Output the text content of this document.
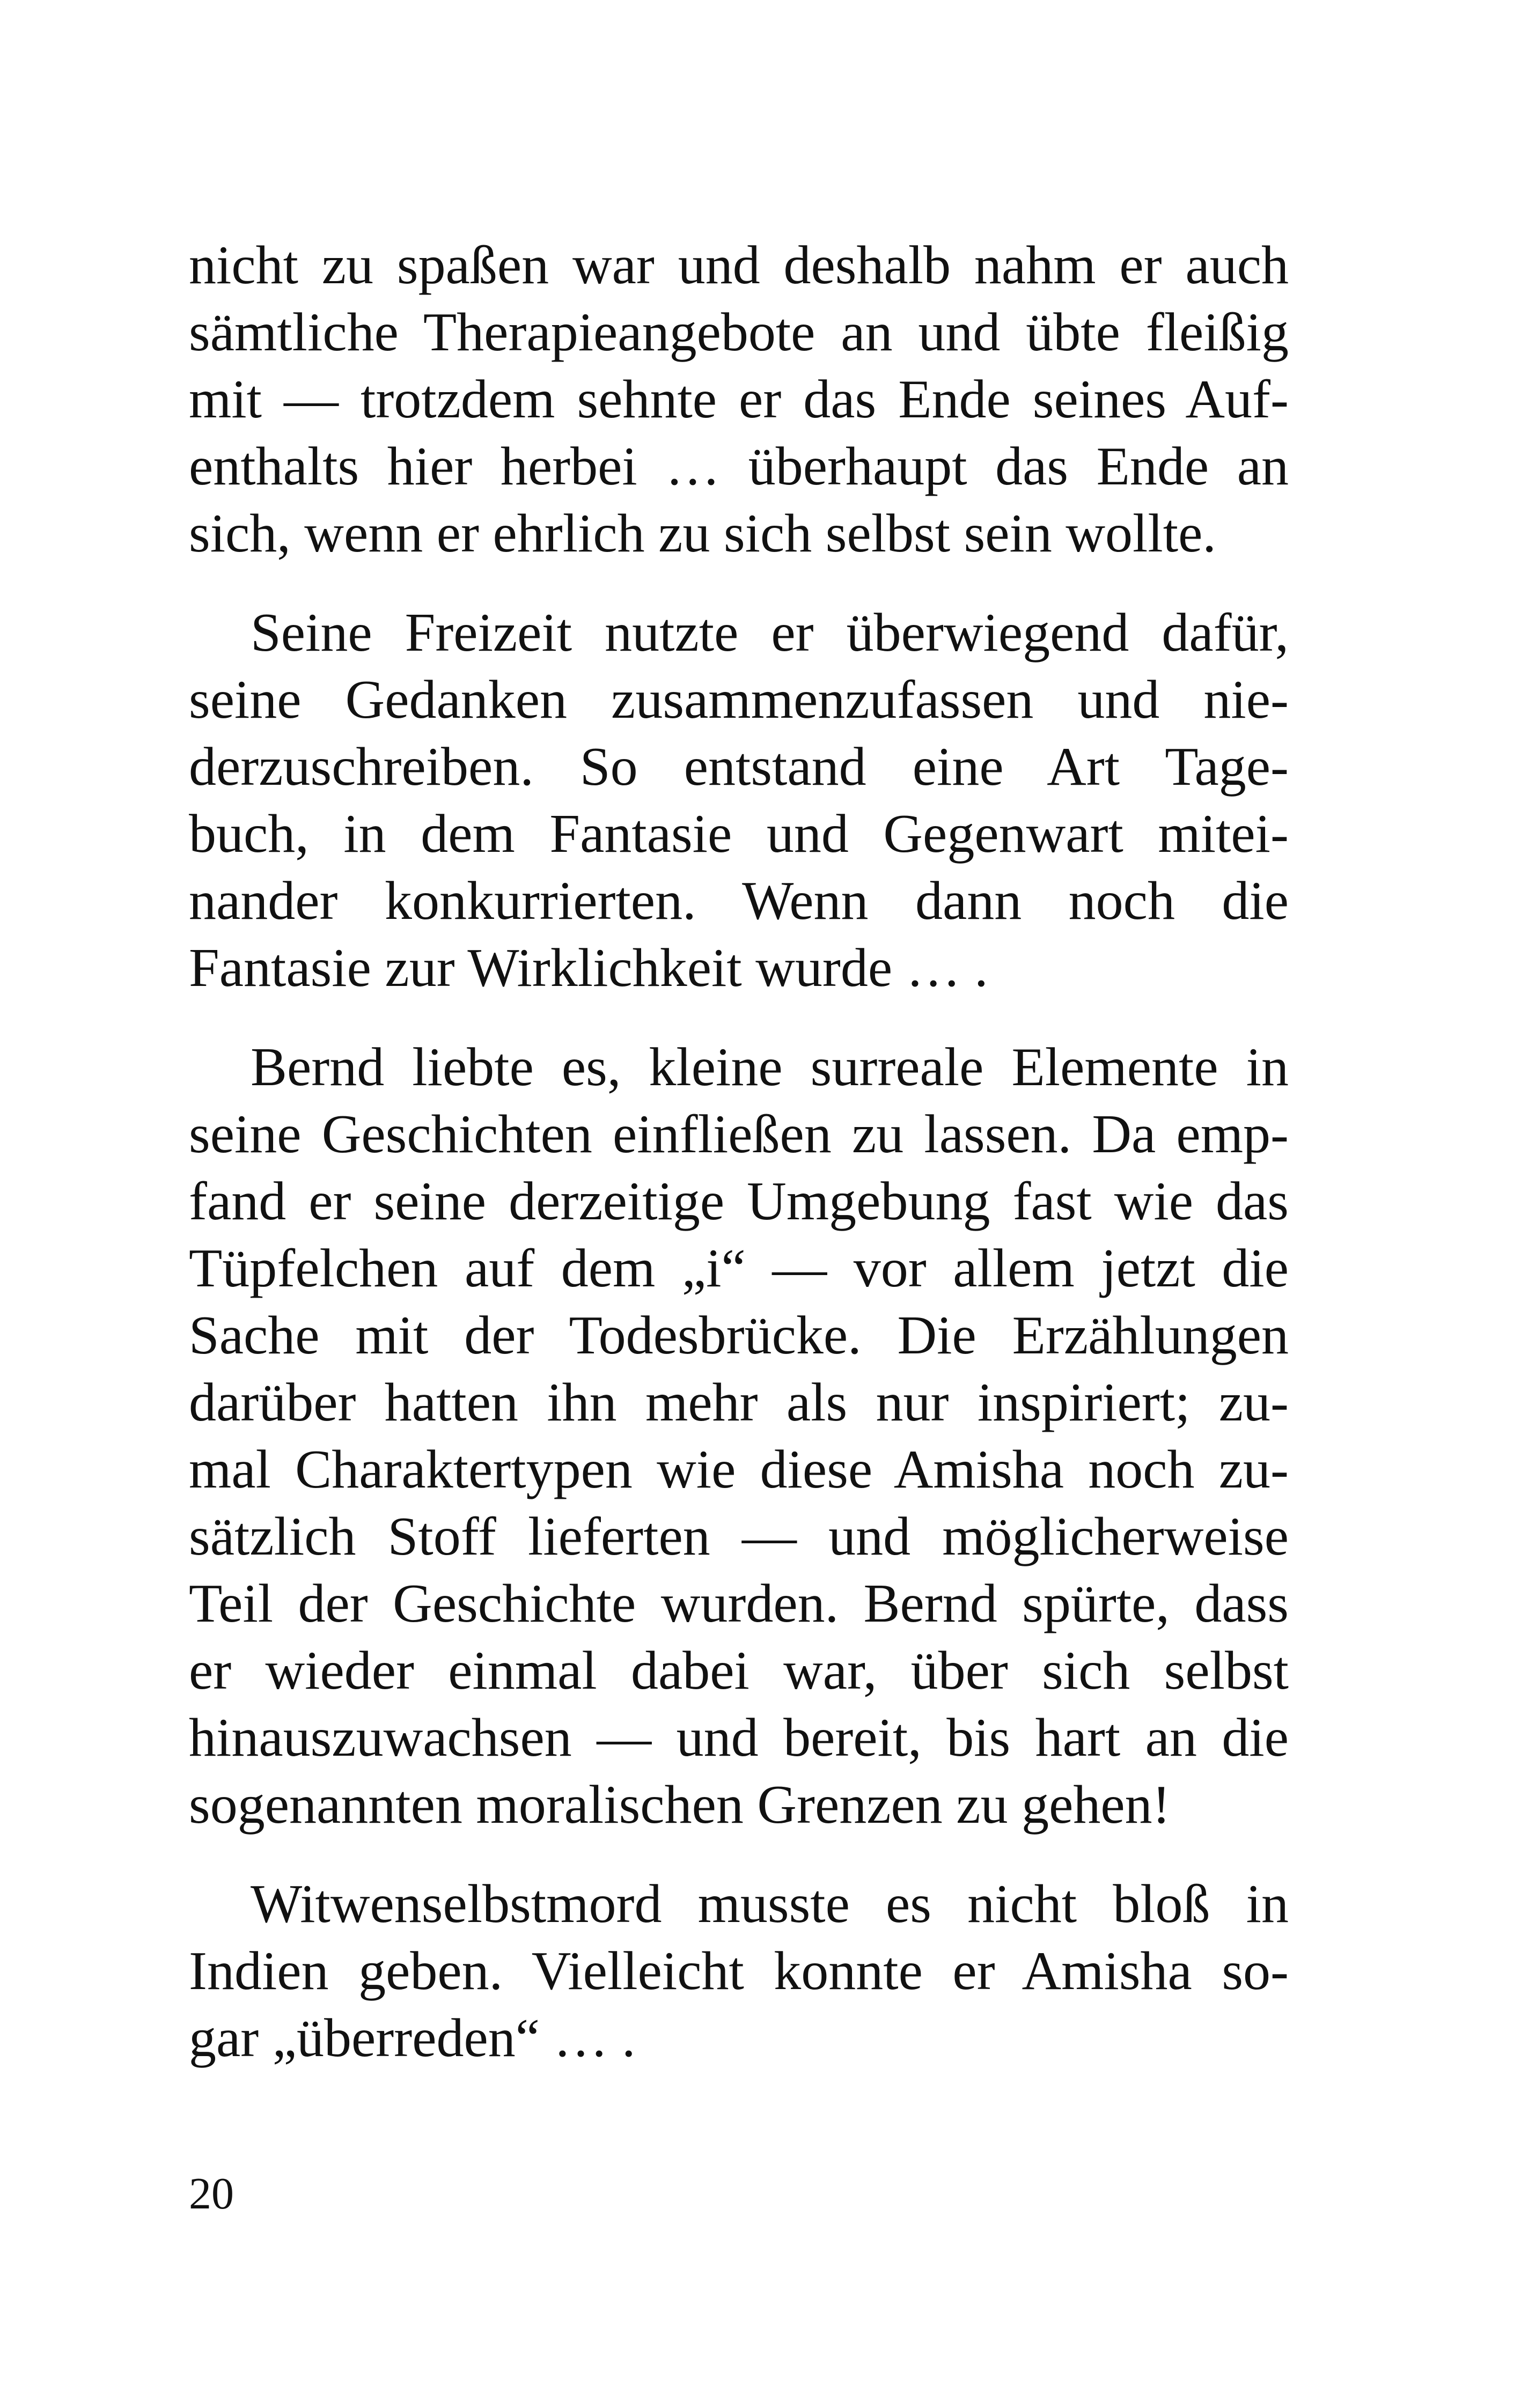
nicht zu spaßen war und deshalb nahm er auch
sämtliche Therapieangebote an und übte fleißig
mit — trotzdem sehnte er das Ende seines Auf-
enthalts hier herbei … überhaupt das Ende an
sich, wenn er ehrlich zu sich selbst sein wollte.

Seine Freizeit nutzte er überwiegend dafür,
seine Gedanken zusammenzufassen und nie-
derzuschreiben. So entstand eine Art Tage-
buch, in dem Fantasie und Gegenwart mitei-
nander konkurrierten. Wenn dann noch die
Fantasie zur Wirklichkeit wurde … .

Bernd liebte es, kleine surreale Elemente in
seine Geschichten einfließen zu lassen. Da emp-
fand er seine derzeitige Umgebung fast wie das
Tüpfelchen auf dem „i“ — vor allem jetzt die
Sache mit der Todesbrücke. Die Erzählungen
darüber hatten ihn mehr als nur inspiriert; zu-
mal Charaktertypen wie diese Amisha noch zu-
sätzlich Stoff lieferten — und möglicherweise
Teil der Geschichte wurden. Bernd spürte, dass
er wieder einmal dabei war, über sich selbst
hinauszuwachsen — und bereit, bis hart an die
sogenannten moralischen Grenzen zu gehen!

Witwenselbstmord musste es nicht bloß in
Indien geben. Vielleicht konnte er Amisha so-
gar „überreden“ … .

20
